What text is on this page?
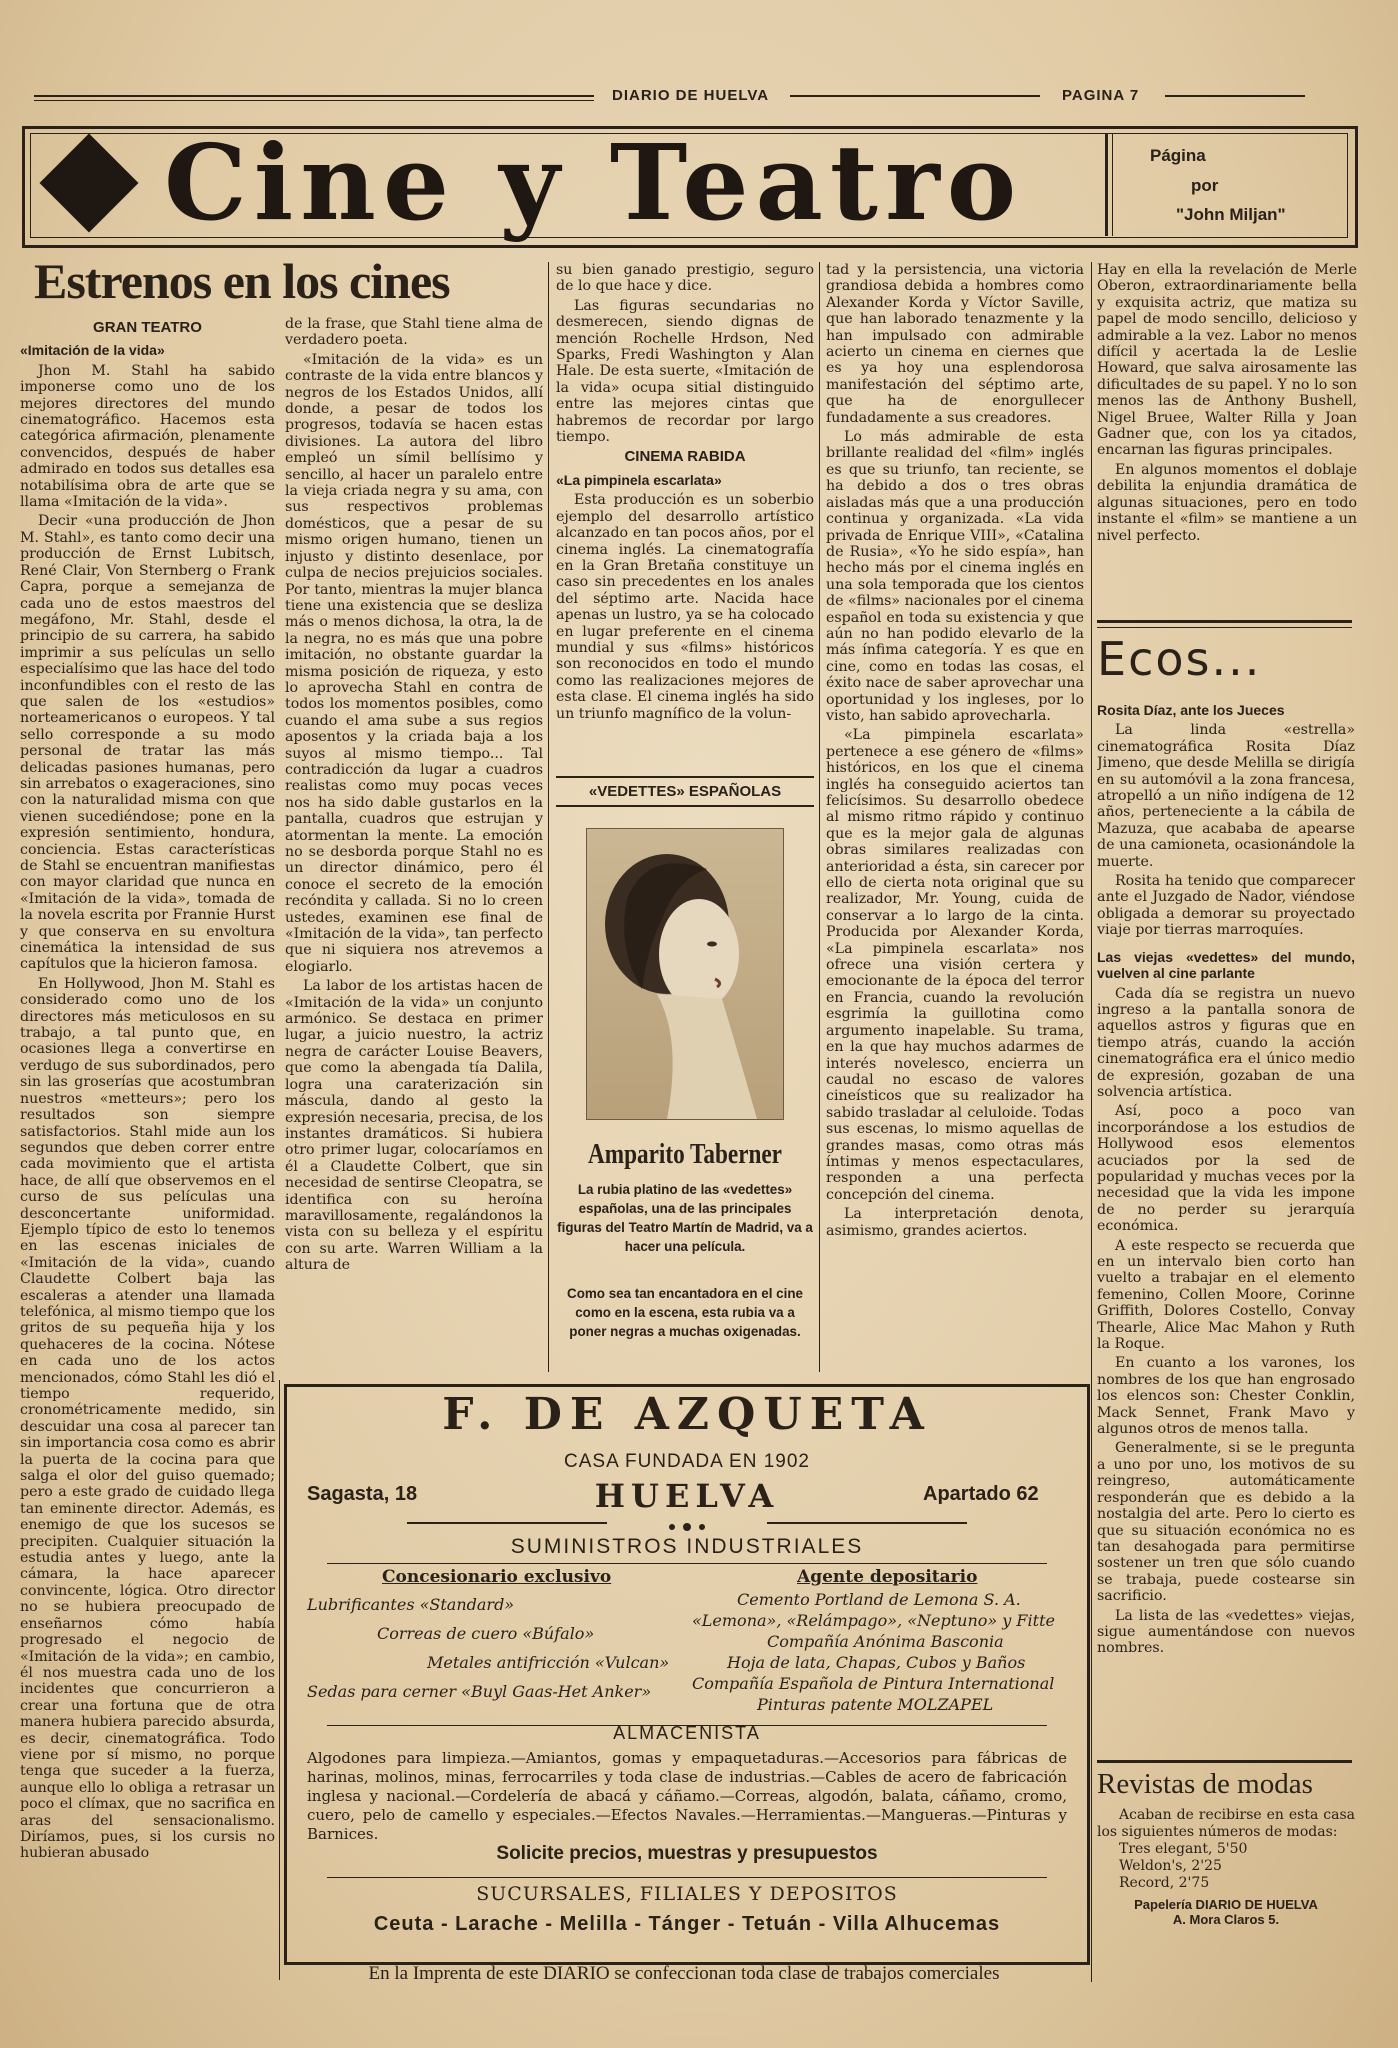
DIARIO DE HUELVA	PAGINA 7
Cine y Teatro	Página
por
"John Miljan"
Estrenos en los cines
GRAN TEATRO
«Imitación de la vida»

Jhon M. Stahl ha sabido imponerse como uno de los mejores directores del mundo cinematográfico. Hacemos esta categórica afirmación, plenamente convencidos, después de haber admirado en todos sus detalles esa notabilísima obra de arte que se llama «Imitación de la vida».

Decir «una producción de Jhon M. Stahl», es tanto como decir una producción de Ernst Lubitsch, René Clair, Von Sternberg o Frank Capra, porque a semejanza de cada uno de estos maestros del megáfono, Mr. Stahl, desde el principio de su carrera, ha sabido imprimir a sus películas un sello especialísimo que las hace del todo inconfundibles con el resto de las que salen de los «estudios» norteamericanos o europeos. Y tal sello corresponde a su modo personal de tratar las más delicadas pasiones humanas, pero sin arrebatos o exageraciones, sino con la naturalidad misma con que vienen sucediéndose; pone en la expresión sentimiento, hondura, conciencia. Estas características de Stahl se encuentran manifiestas con mayor claridad que nunca en «Imitación de la vida», tomada de la novela escrita por Frannie Hurst y que conserva en su envoltura cinemática la intensidad de sus capítulos que la hicieron famosa.

En Hollywood, Jhon M. Stahl es considerado como uno de los directores más meticulosos en su trabajo, a tal punto que, en ocasiones llega a convertirse en verdugo de sus subordinados, pero sin las groserías que acostumbran nuestros «metteurs»; pero los resultados son siempre satisfactorios. Stahl mide aun los segundos que deben correr entre cada movimiento que el artista hace, de allí que observemos en el curso de sus películas una desconcertante uniformidad. Ejemplo típico de esto lo tenemos en las escenas iniciales de «Imitación de la vida», cuando Claudette Colbert baja las escaleras a atender una llamada telefónica, al mismo tiempo que los gritos de su pequeña hija y los quehaceres de la cocina. Nótese en cada uno de los actos mencionados, cómo Stahl les dió el tiempo requerido, cronométricamente medido, sin descuidar una cosa al parecer tan sin importancia cosa como es abrir la puerta de la cocina para que salga el olor del guiso quemado; pero a este grado de cuidado llega tan eminente director. Además, es enemigo de que los sucesos se precipiten. Cualquier situación la estudia antes y luego, ante la cámara, la hace aparecer convincente, lógica. Otro director no se hubiera preocupado de enseñarnos cómo había progresado el negocio de «Imitación de la vida»; en cambio, él nos muestra cada uno de los incidentes que concurrieron a crear una fortuna que de otra manera hubiera parecido absurda, es decir, cinematográfica. Todo viene por sí mismo, no porque tenga que suceder a la fuerza, aunque ello lo obliga a retrasar un poco el clímax, que no sacrifica en aras del sensacionalismo. Diríamos, pues, si los cursis no hubieran abusado

de la frase, que Stahl tiene alma de verdadero poeta.

«Imitación de la vida» es un contraste de la vida entre blancos y negros de los Estados Unidos, allí donde, a pesar de todos los progresos, todavía se hacen estas divisiones. La autora del libro empleó un símil bellísimo y sencillo, al hacer un paralelo entre la vieja criada negra y su ama, con sus respectivos problemas domésticos, que a pesar de su mismo origen humano, tienen un injusto y distinto desenlace, por culpa de necios prejuicios sociales. Por tanto, mientras la mujer blanca tiene una existencia que se desliza más o menos dichosa, la otra, la de la negra, no es más que una pobre imitación, no obstante guardar la misma posición de riqueza, y esto lo aprovecha Stahl en contra de todos los momentos posibles, como cuando el ama sube a sus regios aposentos y la criada baja a los suyos al mismo tiempo... Tal contradicción da lugar a cuadros realistas como muy pocas veces nos ha sido dable gustarlos en la pantalla, cuadros que estrujan y atormentan la mente. La emoción no se desborda porque Stahl no es un director dinámico, pero él conoce el secreto de la emoción recóndita y callada. Si no lo creen ustedes, examinen ese final de «Imitación de la vida», tan perfecto que ni siquiera nos atrevemos a elogiarlo.

La labor de los artistas hacen de «Imitación de la vida» un conjunto armónico. Se destaca en primer lugar, a juicio nuestro, la actriz negra de carácter Louise Beavers, que como la abengada tía Dalila, logra una caraterización sin máscula, dando al gesto la expresión necesaria, precisa, de los instantes dramáticos. Si hubiera otro primer lugar, colocaríamos en él a Claudette Colbert, que sin necesidad de sentirse Cleopatra, se identifica con su heroína maravillosamente, regalándonos la vista con su belleza y el espíritu con su arte. Warren William a la altura de

su bien ganado prestigio, seguro de lo que hace y dice.

Las figuras secundarias no desmerecen, siendo dignas de mención Rochelle Hrdson, Ned Sparks, Fredi Washington y Alan Hale. De esta suerte, «Imitación de la vida» ocupa sitial distinguido entre las mejores cintas que habremos de recordar por largo tiempo.

CINEMA RABIDA
«La pimpinela escarlata»

Esta producción es un soberbio ejemplo del desarrollo artístico alcanzado en tan pocos años, por el cinema inglés. La cinematografía en la Gran Bretaña constituye un caso sin precedentes en los anales del séptimo arte. Nacida hace apenas un lustro, ya se ha colocado en lugar preferente en el cinema mundial y sus «films» históricos son reconocidos en todo el mundo como las realizaciones mejores de esta clase. El cinema inglés ha sido un triunfo magnífico de la volun-

«VEDETTES» ESPAÑOLAS
Amparito Taberner
La rubia platino de las «vedettes» españolas, una de las principales figuras del Teatro Martín de Madrid, va a hacer una película.
Como sea tan encantadora en el cine como en la escena, esta rubia va a poner negras a muchas oxigenadas.

tad y la persistencia, una victoria grandiosa debida a hombres como Alexander Korda y Víctor Saville, que han laborado tenazmente y la han impulsado con admirable acierto un cinema en ciernes que es ya hoy una esplendorosa manifestación del séptimo arte, que ha de enorgullecer fundadamente a sus creadores.

Lo más admirable de esta brillante realidad del «film» inglés es que su triunfo, tan reciente, se ha debido a dos o tres obras aisladas más que a una producción continua y organizada. «La vida privada de Enrique VIII», «Catalina de Rusia», «Yo he sido espía», han hecho más por el cinema inglés en una sola temporada que los cientos de «films» nacionales por el cinema español en toda su existencia y que aún no han podido elevarlo de la más ínfima categoría. Y es que en cine, como en todas las cosas, el éxito nace de saber aprovechar una oportunidad y los ingleses, por lo visto, han sabido aprovecharla.

«La pimpinela escarlata» pertenece a ese género de «films» históricos, en los que el cinema inglés ha conseguido aciertos tan felicísimos. Su desarrollo obedece al mismo ritmo rápido y continuo que es la mejor gala de algunas obras similares realizadas con anterioridad a ésta, sin carecer por ello de cierta nota original que su realizador, Mr. Young, cuida de conservar a lo largo de la cinta. Producida por Alexander Korda, «La pimpinela escarlata» nos ofrece una visión certera y emocionante de la época del terror en Francia, cuando la revolución esgrimía la guillotina como argumento inapelable. Su trama, en la que hay muchos adarmes de interés novelesco, encierra un caudal no escaso de valores cineísticos que su realizador ha sabido trasladar al celuloide. Todas sus escenas, lo mismo aquellas de grandes masas, como otras más íntimas y menos espectaculares, responden a una perfecta concepción del cinema.

La interpretación denota, asimismo, grandes aciertos.

Hay en ella la revelación de Merle Oberon, extraordinariamente bella y exquisita actriz, que matiza su papel de modo sencillo, delicioso y admirable a la vez. Labor no menos difícil y acertada la de Leslie Howard, que salva airosamente las dificultades de su papel. Y no lo son menos las de Anthony Bushell, Nigel Bruee, Walter Rilla y Joan Gadner que, con los ya citados, encarnan las figuras principales.

En algunos momentos el doblaje debilita la enjundia dramática de algunas situaciones, pero en todo instante el «film» se mantiene a un nivel perfecto.

Ecos...
Rosita Díaz, ante los Jueces

La linda «estrella» cinematográfica Rosita Díaz Jimeno, que desde Melilla se dirigía en su automóvil a la zona francesa, atropelló a un niño indígena de 12 años, perteneciente a la cábila de Mazuza, que acababa de apearse de una camioneta, ocasionándole la muerte.

Rosita ha tenido que comparecer ante el Juzgado de Nador, viéndose obligada a demorar su proyectado viaje por tierras marroquíes.

Las viejas «vedettes» del mundo, vuelven al cine parlante

Cada día se registra un nuevo ingreso a la pantalla sonora de aquellos astros y figuras que en tiempo atrás, cuando la acción cinematográfica era el único medio de expresión, gozaban de una solvencia artística.

Así, poco a poco van incorporándose a los estudios de Hollywood esos elementos acuciados por la sed de popularidad y muchas veces por la necesidad que la vida les impone de no perder su jerarquía económica.

A este respecto se recuerda que en un intervalo bien corto han vuelto a trabajar en el elemento femenino, Collen Moore, Corinne Griffith, Dolores Costello, Convay Thearle, Alice Mac Mahon y Ruth la Roque.

En cuanto a los varones, los nombres de los que han engrosado los elencos son: Chester Conklin, Mack Sennet, Frank Mavo y algunos otros de menos talla.

Generalmente, si se le pregunta a uno por uno, los motivos de su reingreso, automáticamente responderán que es debido a la nostalgia del arte. Pero lo cierto es que su situación económica no es tan desahogada para permitirse sostener un tren que sólo cuando se trabaja, puede costearse sin sacrificio.

La lista de las «vedettes» viejas, sigue aumentándose con nuevos nombres.

Revistas de modas
Acaban de recibirse en esta casa los siguientes números de modas:
Tres elegant, 5'50
Weldon's, 2'25
Record, 2'75
Papelería DIARIO DE HUELVA
A. Mora Claros 5.
F. DE AZQUETA
CASA FUNDADA EN 1902
Sagasta, 18	HUELVA	Apartado 62
SUMINISTROS INDUSTRIALES
Concesionario exclusivo	Agente depositario
Lubrificantes «Standard»
Correas de cuero «Búfalo»
Metales antifricción «Vulcan»
Sedas para cerner «Buyl Gaas-Het Anker»
Cemento Portland de Lemona S. A.
«Lemona», «Relámpago», «Neptuno» y Fitte
Compañía Anónima Basconia
Hoja de lata, Chapas, Cubos y Baños
Compañía Española de Pintura International
Pinturas patente MOLZAPEL
ALMACENISTA
Algodones para limpieza.—Amiantos, gomas y empaquetaduras.—Accesorios para fábricas de harinas, molinos, minas, ferrocarriles y toda clase de industrias.—Cables de acero de fabricación inglesa y nacional.—Cordelería de abacá y cáñamo.—Correas, algodón, balata, cáñamo, cromo, cuero, pelo de camello y especiales.—Efectos Navales.—Herramientas.—Mangueras.—Pinturas y Barnices.
Solicite precios, muestras y presupuestos
SUCURSALES, FILIALES Y DEPOSITOS
Ceuta - Larache - Melilla - Tánger - Tetuán - Villa Alhucemas
En la Imprenta de este DIARIO se confeccionan toda clase de trabajos comerciales
